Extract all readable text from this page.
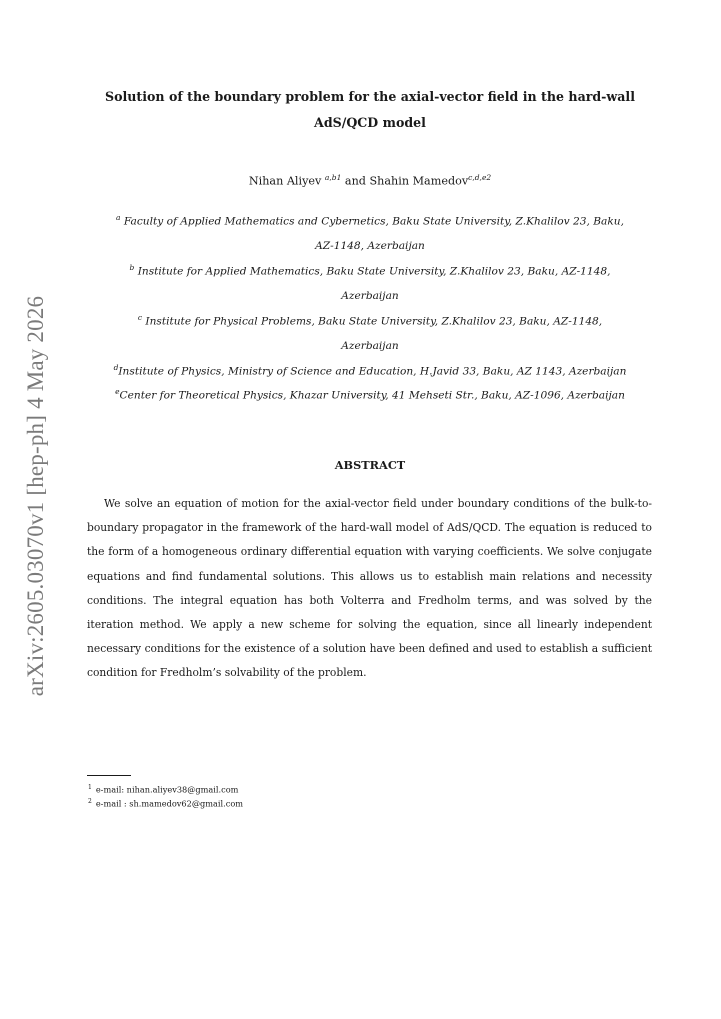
arXiv:2605.03070v1 [hep-ph] 4 May 2026
Solution of the boundary problem for the axial-vector field in the hard-wall
AdS/QCD model
Nihan Aliyev $^{a,b1}$ and Shahin Mamedov$^{c,d,e2}$
$^a$ Faculty of Applied Mathematics and Cybernetics, Baku State University, Z.Khalilov 23, Baku,
AZ-1148, Azerbaijan
$^b$ Institute for Applied Mathematics, Baku State University, Z.Khalilov 23, Baku, AZ-1148,
Azerbaijan
$^c$ Institute for Physical Problems, Baku State University, Z.Khalilov 23, Baku, AZ-1148,
Azerbaijan
$^d$Institute of Physics, Ministry of Science and Education, H.Javid 33, Baku, AZ 1143, Azerbaijan
$^e$Center for Theoretical Physics, Khazar University, 41 Mehseti Str., Baku, AZ-1096, Azerbaijan
ABSTRACT

We solve an equation of motion for the axial-vector field under boundary conditions of the bulk-to-boundary propagator in the framework of the hard-wall model of AdS/QCD. The equation is reduced to the form of a homogeneous ordinary differential equation with varying coefficients. We solve conjugate equations and find fundamental solutions. This allows us to establish main relations and necessity conditions. The integral equation has both Volterra and Fredholm terms, and was solved by the iteration method. We apply a new scheme for solving the equation, since all linearly independent necessary conditions for the existence of a solution have been defined and used to establish a sufficient condition for Fredholm’s solvability of the problem.

$^1$ e-mail: nihan.aliyev38@gmail.com
$^2$ e-mail : sh.mamedov62@gmail.com
